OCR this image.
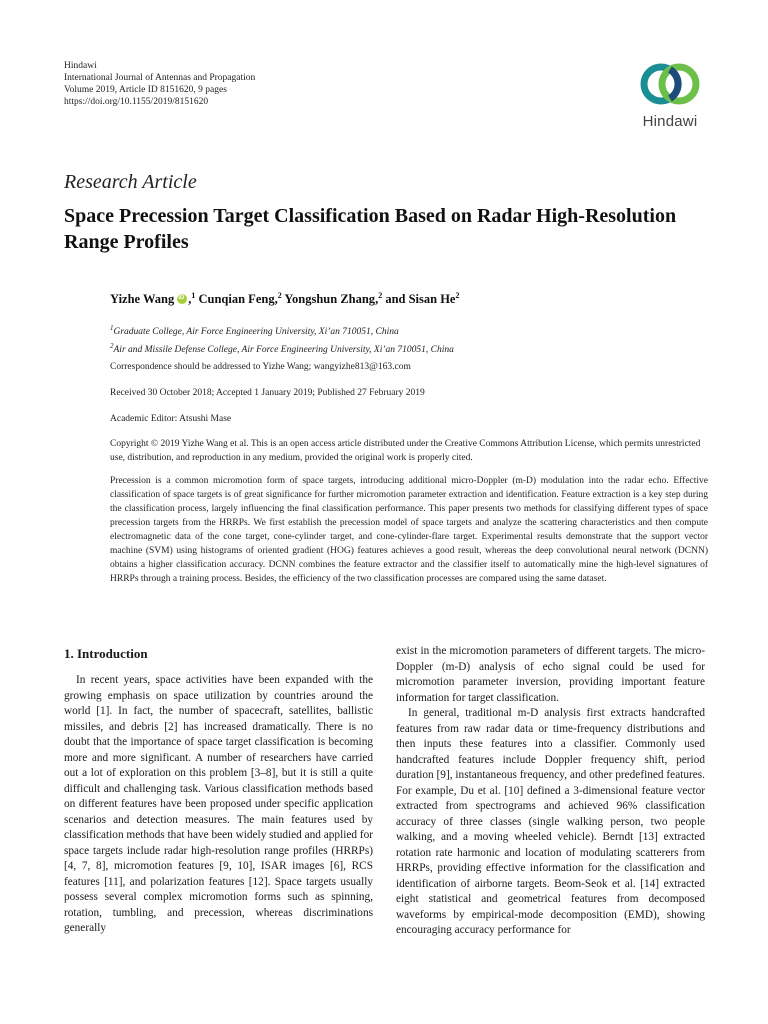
Hindawi
International Journal of Antennas and Propagation
Volume 2019, Article ID 8151620, 9 pages
https://doi.org/10.1155/2019/8151620
Hindawi
Research Article
Space Precession Target Classification Based on Radar High-Resolution Range Profiles
Yizhe WangiD ,$^1$ Cunqian Feng,$^2$ Yongshun Zhang,$^2$ and Sisan He$^2$
$^1$Graduate College, Air Force Engineering University, Xi’an 710051, China
$^2$Air and Missile Defense College, Air Force Engineering University, Xi’an 710051, China
Correspondence should be addressed to Yizhe Wang; wangyizhe813@163.com
Received 30 October 2018; Accepted 1 January 2019; Published 27 February 2019
Academic Editor: Atsushi Mase
Copyright © 2019 Yizhe Wang et al. This is an open access article distributed under the Creative Commons Attribution License, which permits unrestricted use, distribution, and reproduction in any medium, provided the original work is properly cited.
Precession is a common micromotion form of space targets, introducing additional micro-Doppler (m-D) modulation into the radar echo. Effective classification of space targets is of great significance for further micromotion parameter extraction and identification. Feature extraction is a key step during the classification process, largely influencing the final classification performance. This paper presents two methods for classifying different types of space precession targets from the HRRPs. We first establish the precession model of space targets and analyze the scattering characteristics and then compute electromagnetic data of the cone target, cone-cylinder target, and cone-cylinder-flare target. Experimental results demonstrate that the support vector machine (SVM) using histograms of oriented gradient (HOG) features achieves a good result, whereas the deep convolutional neural network (DCNN) obtains a higher classification accuracy. DCNN combines the feature extractor and the classifier itself to automatically mine the high-level signatures of HRRPs through a training process. Besides, the efficiency of the two classification processes are compared using the same dataset.
1. Introduction

In recent years, space activities have been expanded with the growing emphasis on space utilization by countries around the world [1]. In fact, the number of spacecraft, satellites, ballistic missiles, and debris [2] has increased dramatically. There is no doubt that the importance of space target classification is becoming more and more significant. A number of researchers have carried out a lot of exploration on this problem [3–8], but it is still a quite difficult and challenging task. Various classification methods based on different features have been proposed under specific application scenarios and detection measures. The main features used by classification methods that have been widely studied and applied for space targets include radar high-resolution range profiles (HRRPs) [4, 7, 8], micromotion features [9, 10], ISAR images [6], RCS features [11], and polarization features [12]. Space targets usually possess several complex micromotion forms such as spinning, rotation, tumbling, and precession, whereas discriminations generally

exist in the micromotion parameters of different targets. The micro-Doppler (m-D) analysis of echo signal could be used for micromotion parameter inversion, providing important feature information for target classification.

In general, traditional m-D analysis first extracts handcrafted features from raw radar data or time-frequency distributions and then inputs these features into a classifier. Commonly used handcrafted features include Doppler frequency shift, period duration [9], instantaneous frequency, and other predefined features. For example, Du et al. [10] defined a 3-dimensional feature vector extracted from spectrograms and achieved 96% classification accuracy of three classes (single walking person, two people walking, and a moving wheeled vehicle). Berndt [13] extracted rotation rate harmonic and location of modulating scatterers from HRRPs, providing effective information for the classification and identification of airborne targets. Beom-Seok et al. [14] extracted eight statistical and geometrical features from decomposed waveforms by empirical-mode decomposition (EMD), showing encouraging accuracy performance for
